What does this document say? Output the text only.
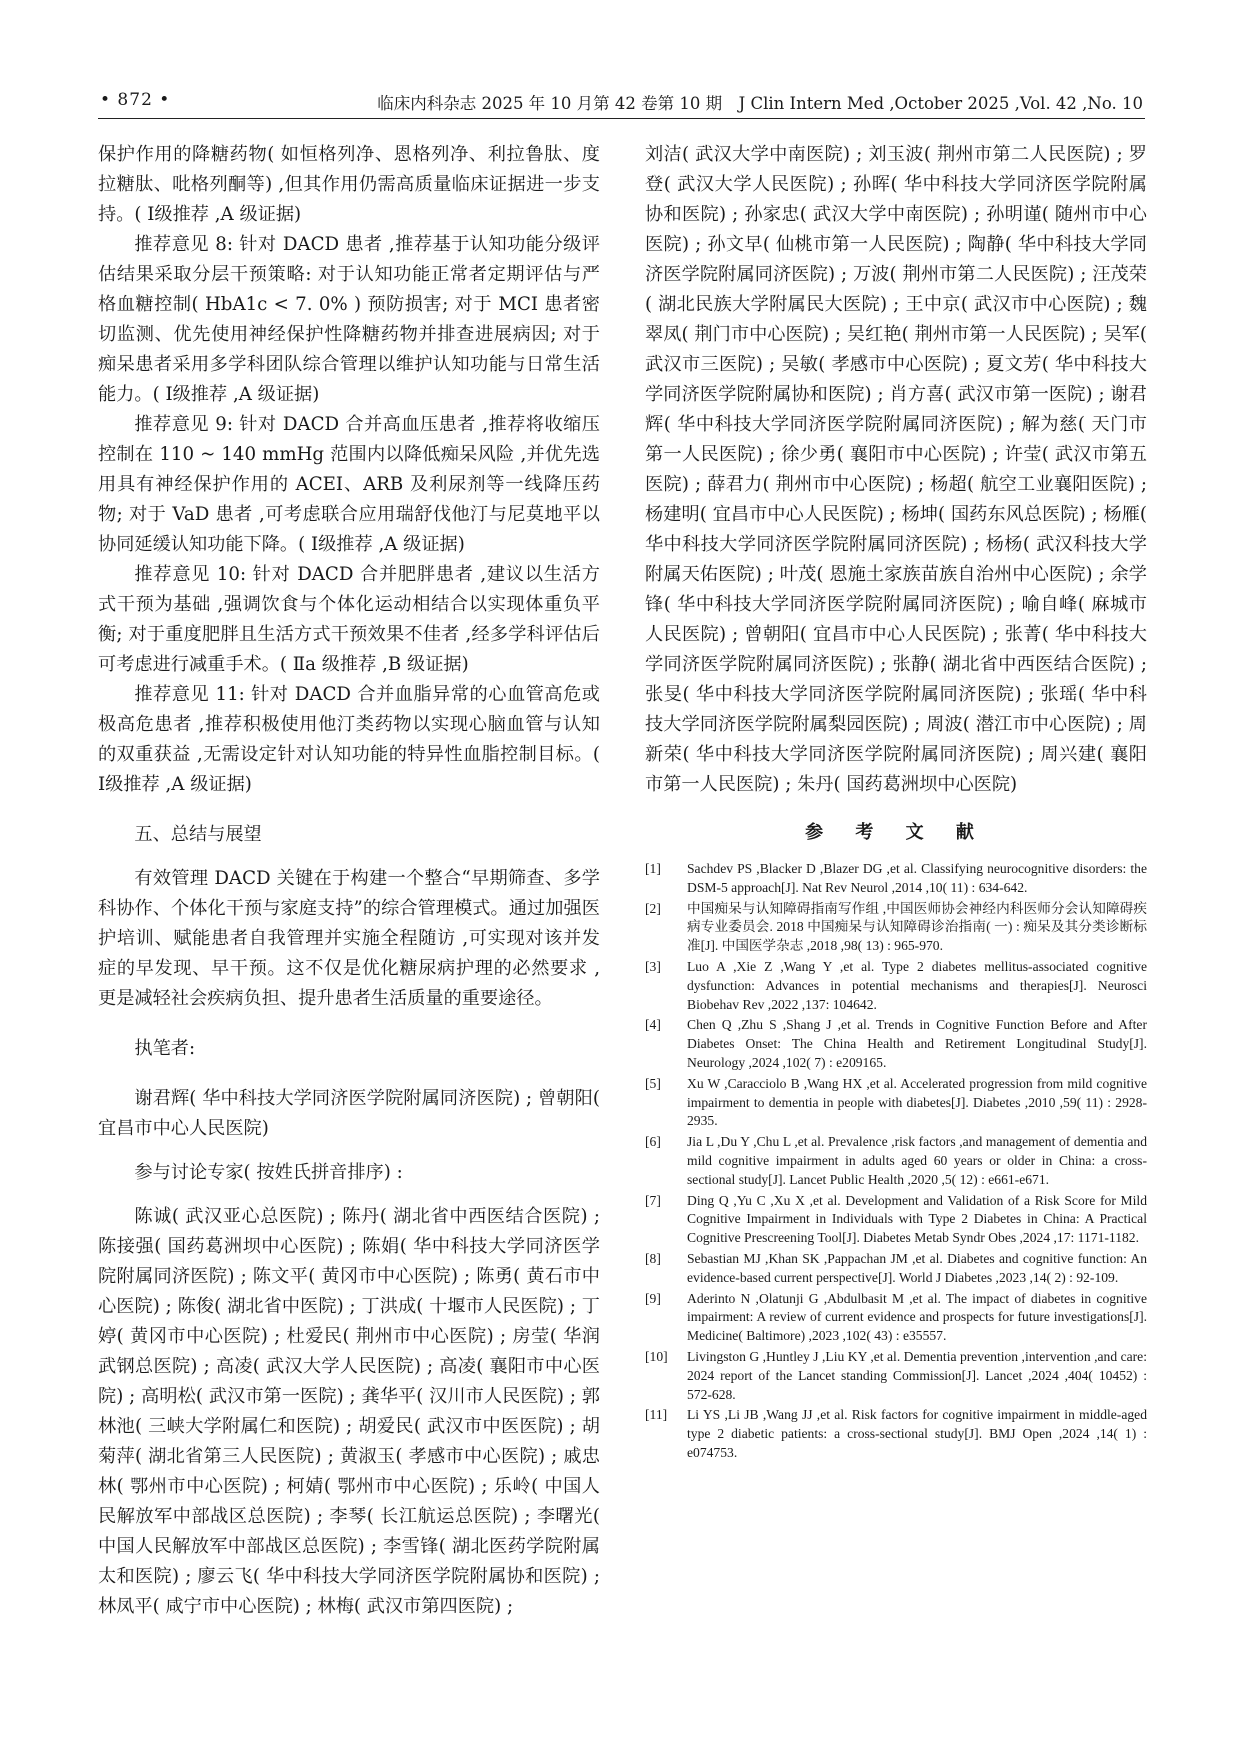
• 872 •	临床内科杂志 2025 年 10 月第 42 卷第 10 期　J Clin Intern Med ,October 2025 ,Vol. 42 ,No. 10

保护作用的降糖药物( 如恒格列净、恩格列净、利拉鲁肽、度拉糖肽、吡格列酮等) ,但其作用仍需高质量临床证据进一步支持。( Ⅰ级推荐 ,A 级证据)

推荐意见 8: 针对 DACD 患者 ,推荐基于认知功能分级评估结果采取分层干预策略: 对于认知功能正常者定期评估与严格血糖控制( HbA1c < 7. 0% ) 预防损害; 对于 MCI 患者密切监测、优先使用神经保护性降糖药物并排查进展病因; 对于痴呆患者采用多学科团队综合管理以维护认知功能与日常生活能力。( Ⅰ级推荐 ,A 级证据)

推荐意见 9: 针对 DACD 合并高血压患者 ,推荐将收缩压控制在 110 ~ 140 mmHg 范围内以降低痴呆风险 ,并优先选用具有神经保护作用的 ACEI、ARB 及利尿剂等一线降压药物; 对于 VaD 患者 ,可考虑联合应用瑞舒伐他汀与尼莫地平以协同延缓认知功能下降。( Ⅰ级推荐 ,A 级证据)

推荐意见 10: 针对 DACD 合并肥胖患者 ,建议以生活方式干预为基础 ,强调饮食与个体化运动相结合以实现体重负平衡; 对于重度肥胖且生活方式干预效果不佳者 ,经多学科评估后可考虑进行减重手术。( Ⅱa 级推荐 ,B 级证据)

推荐意见 11: 针对 DACD 合并血脂异常的心血管高危或极高危患者 ,推荐积极使用他汀类药物以实现心脑血管与认知的双重获益 ,无需设定针对认知功能的特异性血脂控制目标。( Ⅰ级推荐 ,A 级证据)

五、总结与展望

有效管理 DACD 关键在于构建一个整合“早期筛查、多学科协作、个体化干预与家庭支持”的综合管理模式。通过加强医护培训、赋能患者自我管理并实施全程随访 ,可实现对该并发症的早发现、早干预。这不仅是优化糖尿病护理的必然要求 ,更是减轻社会疾病负担、提升患者生活质量的重要途径。

执笔者:

谢君辉( 华中科技大学同济医学院附属同济医院) ; 曾朝阳( 宜昌市中心人民医院)

参与讨论专家( 按姓氏拼音排序) :

陈诚( 武汉亚心总医院) ; 陈丹( 湖北省中西医结合医院) ; 陈接强( 国药葛洲坝中心医院) ; 陈娟( 华中科技大学同济医学院附属同济医院) ; 陈文平( 黄冈市中心医院) ; 陈勇( 黄石市中心医院) ; 陈俊( 湖北省中医院) ; 丁洪成( 十堰市人民医院) ; 丁婷( 黄冈市中心医院) ; 杜爱民( 荆州市中心医院) ; 房莹( 华润武钢总医院) ; 高凌( 武汉大学人民医院) ; 高凌( 襄阳市中心医院) ; 高明松( 武汉市第一医院) ; 龚华平( 汉川市人民医院) ; 郭林池( 三峡大学附属仁和医院) ; 胡爱民( 武汉市中医医院) ; 胡菊萍( 湖北省第三人民医院) ; 黄淑玉( 孝感市中心医院) ; 戚忠林( 鄂州市中心医院) ; 柯婧( 鄂州市中心医院) ; 乐岭( 中国人民解放军中部战区总医院) ; 李琴( 长江航运总医院) ; 李曙光( 中国人民解放军中部战区总医院) ; 李雪锋( 湖北医药学院附属太和医院) ; 廖云飞( 华中科技大学同济医学院附属协和医院) ; 林凤平( 咸宁市中心医院) ; 林梅( 武汉市第四医院) ;

刘洁( 武汉大学中南医院) ; 刘玉波( 荆州市第二人民医院) ; 罗登( 武汉大学人民医院) ; 孙晖( 华中科技大学同济医学院附属协和医院) ; 孙家忠( 武汉大学中南医院) ; 孙明谨( 随州市中心医院) ; 孙文早( 仙桃市第一人民医院) ; 陶静( 华中科技大学同济医学院附属同济医院) ; 万波( 荆州市第二人民医院) ; 汪茂荣( 湖北民族大学附属民大医院) ; 王中京( 武汉市中心医院) ; 魏翠凤( 荆门市中心医院) ; 吴红艳( 荆州市第一人民医院) ; 吴军( 武汉市三医院) ; 吴敏( 孝感市中心医院) ; 夏文芳( 华中科技大学同济医学院附属协和医院) ; 肖方喜( 武汉市第一医院) ; 谢君辉( 华中科技大学同济医学院附属同济医院) ; 解为慈( 天门市第一人民医院) ; 徐少勇( 襄阳市中心医院) ; 许莹( 武汉市第五医院) ; 薛君力( 荆州市中心医院) ; 杨超( 航空工业襄阳医院) ; 杨建明( 宜昌市中心人民医院) ; 杨坤( 国药东风总医院) ; 杨雁( 华中科技大学同济医学院附属同济医院) ; 杨杨( 武汉科技大学附属天佑医院) ; 叶茂( 恩施土家族苗族自治州中心医院) ; 余学锋( 华中科技大学同济医学院附属同济医院) ; 喻自峰( 麻城市人民医院) ; 曾朝阳( 宜昌市中心人民医院) ; 张菁( 华中科技大学同济医学院附属同济医院) ; 张静( 湖北省中西医结合医院) ; 张旻( 华中科技大学同济医学院附属同济医院) ; 张瑶( 华中科技大学同济医学院附属梨园医院) ; 周波( 潜江市中心医院) ; 周新荣( 华中科技大学同济医学院附属同济医院) ; 周兴建( 襄阳市第一人民医院) ; 朱丹( 国药葛洲坝中心医院)

参 考 文 献
[1]	Sachdev PS ,Blacker D ,Blazer DG ,et al. Classifying neurocognitive disorders: the DSM-5 approach[J]. Nat Rev Neurol ,2014 ,10( 11) : 634-642.
[2]	中国痴呆与认知障碍指南写作组 ,中国医师协会神经内科医师分会认知障碍疾病专业委员会. 2018 中国痴呆与认知障碍诊治指南( 一) : 痴呆及其分类诊断标准[J]. 中国医学杂志 ,2018 ,98( 13) : 965-970.
[3]	Luo A ,Xie Z ,Wang Y ,et al. Type 2 diabetes mellitus-associated cognitive dysfunction: Advances in potential mechanisms and therapies[J]. Neurosci Biobehav Rev ,2022 ,137: 104642.
[4]	Chen Q ,Zhu S ,Shang J ,et al. Trends in Cognitive Function Before and After Diabetes Onset: The China Health and Retirement Longitudinal Study[J]. Neurology ,2024 ,102( 7) : e209165.
[5]	Xu W ,Caracciolo B ,Wang HX ,et al. Accelerated progression from mild cognitive impairment to dementia in people with diabetes[J]. Diabetes ,2010 ,59( 11) : 2928-2935.
[6]	Jia L ,Du Y ,Chu L ,et al. Prevalence ,risk factors ,and management of dementia and mild cognitive impairment in adults aged 60 years or older in China: a cross-sectional study[J]. Lancet Public Health ,2020 ,5( 12) : e661-e671.
[7]	Ding Q ,Yu C ,Xu X ,et al. Development and Validation of a Risk Score for Mild Cognitive Impairment in Individuals with Type 2 Diabetes in China: A Practical Cognitive Prescreening Tool[J]. Diabetes Metab Syndr Obes ,2024 ,17: 1171-1182.
[8]	Sebastian MJ ,Khan SK ,Pappachan JM ,et al. Diabetes and cognitive function: An evidence-based current perspective[J]. World J Diabetes ,2023 ,14( 2) : 92-109.
[9]	Aderinto N ,Olatunji G ,Abdulbasit M ,et al. The impact of diabetes in cognitive impairment: A review of current evidence and prospects for future investigations[J]. Medicine( Baltimore) ,2023 ,102( 43) : e35557.
[10]	Livingston G ,Huntley J ,Liu KY ,et al. Dementia prevention ,intervention ,and care: 2024 report of the Lancet standing Commission[J]. Lancet ,2024 ,404( 10452) : 572-628.
[11]	Li YS ,Li JB ,Wang JJ ,et al. Risk factors for cognitive impairment in middle-aged type 2 diabetic patients: a cross-sectional study[J]. BMJ Open ,2024 ,14( 1) : e074753.
